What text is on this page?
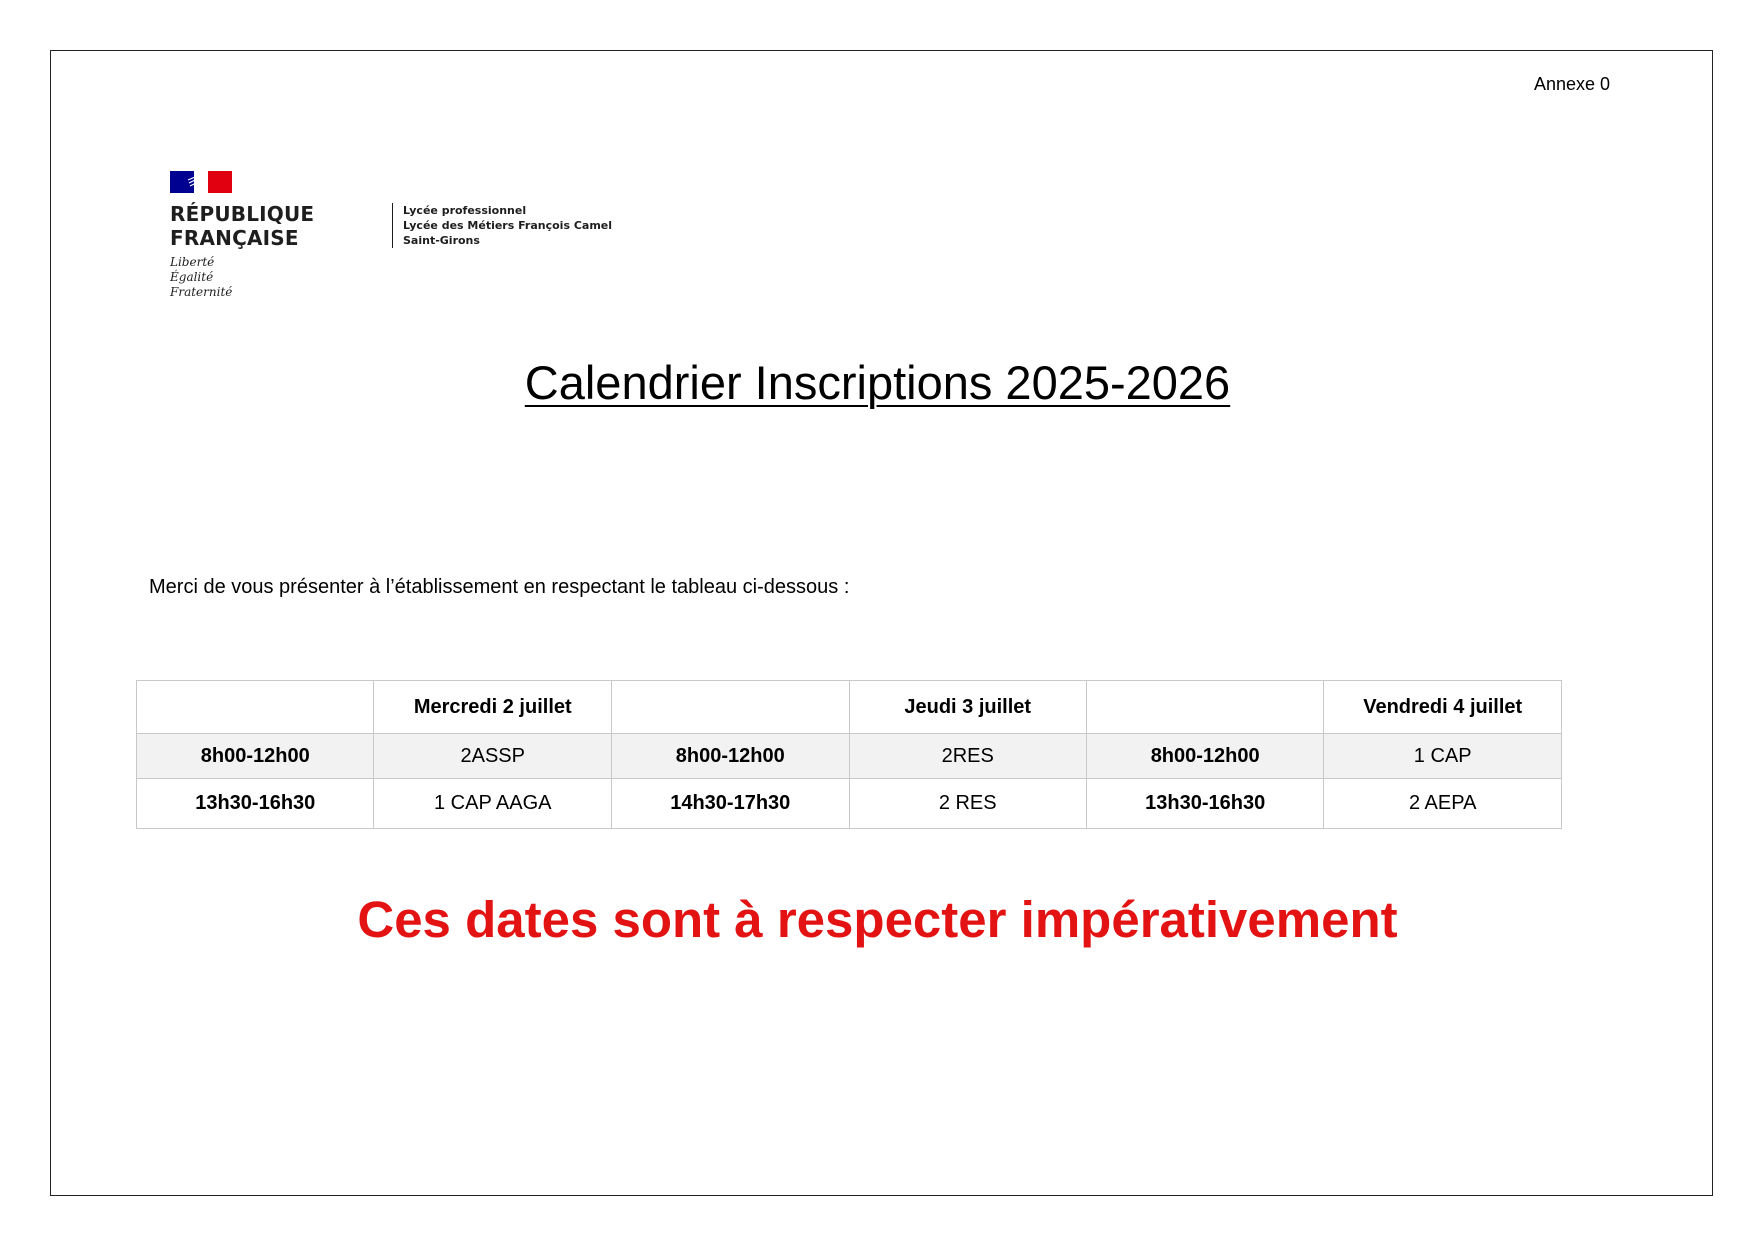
Annexe 0
RÉPUBLIQUE
FRANÇAISE
Liberté
Égalité
Fraternité
Lycée professionnel
Lycée des Métiers François Camel
Saint-Girons
Calendrier Inscriptions 2025-2026
Merci de vous présenter à l’établissement en respectant le tableau ci-dessous :
	Mercredi 2 juillet		Jeudi 3 juillet		Vendredi 4 juillet
8h00-12h00	2ASSP	8h00-12h00	2RES	8h00-12h00	1 CAP
13h30-16h30	1 CAP AAGA	14h30-17h30	2 RES	13h30-16h30	2 AEPA
Ces dates sont à respecter impérativement
